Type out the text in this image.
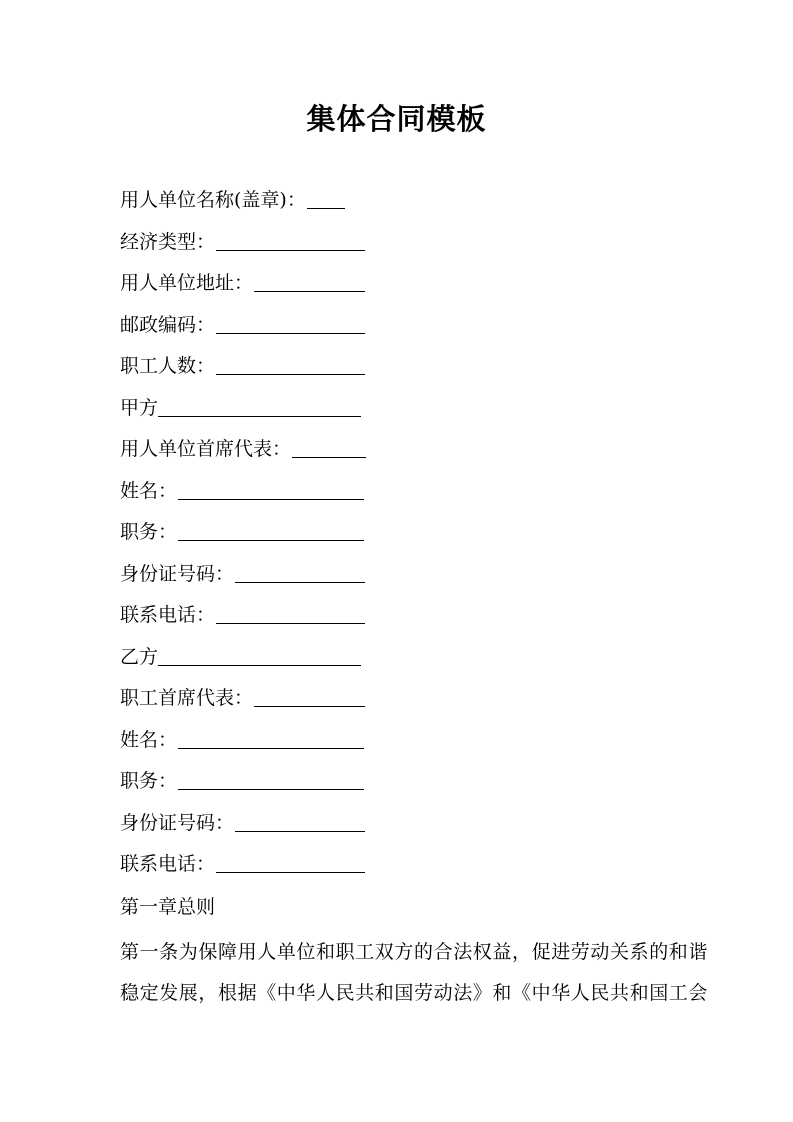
集体合同模板
用人单位名称(盖章)：
经济类型：
用人单位地址：
邮政编码：
职工人数：
甲方
用人单位首席代表：
姓名：
职务：
身份证号码：
联系电话：
乙方
职工首席代表：
姓名：
职务：
身份证号码：
联系电话：
第一章总则
第一条为保障用人单位和职工双方的合法权益，促进劳动关系的和谐
稳定发展，根据《中华人民共和国劳动法》和《中华人民共和国工会
